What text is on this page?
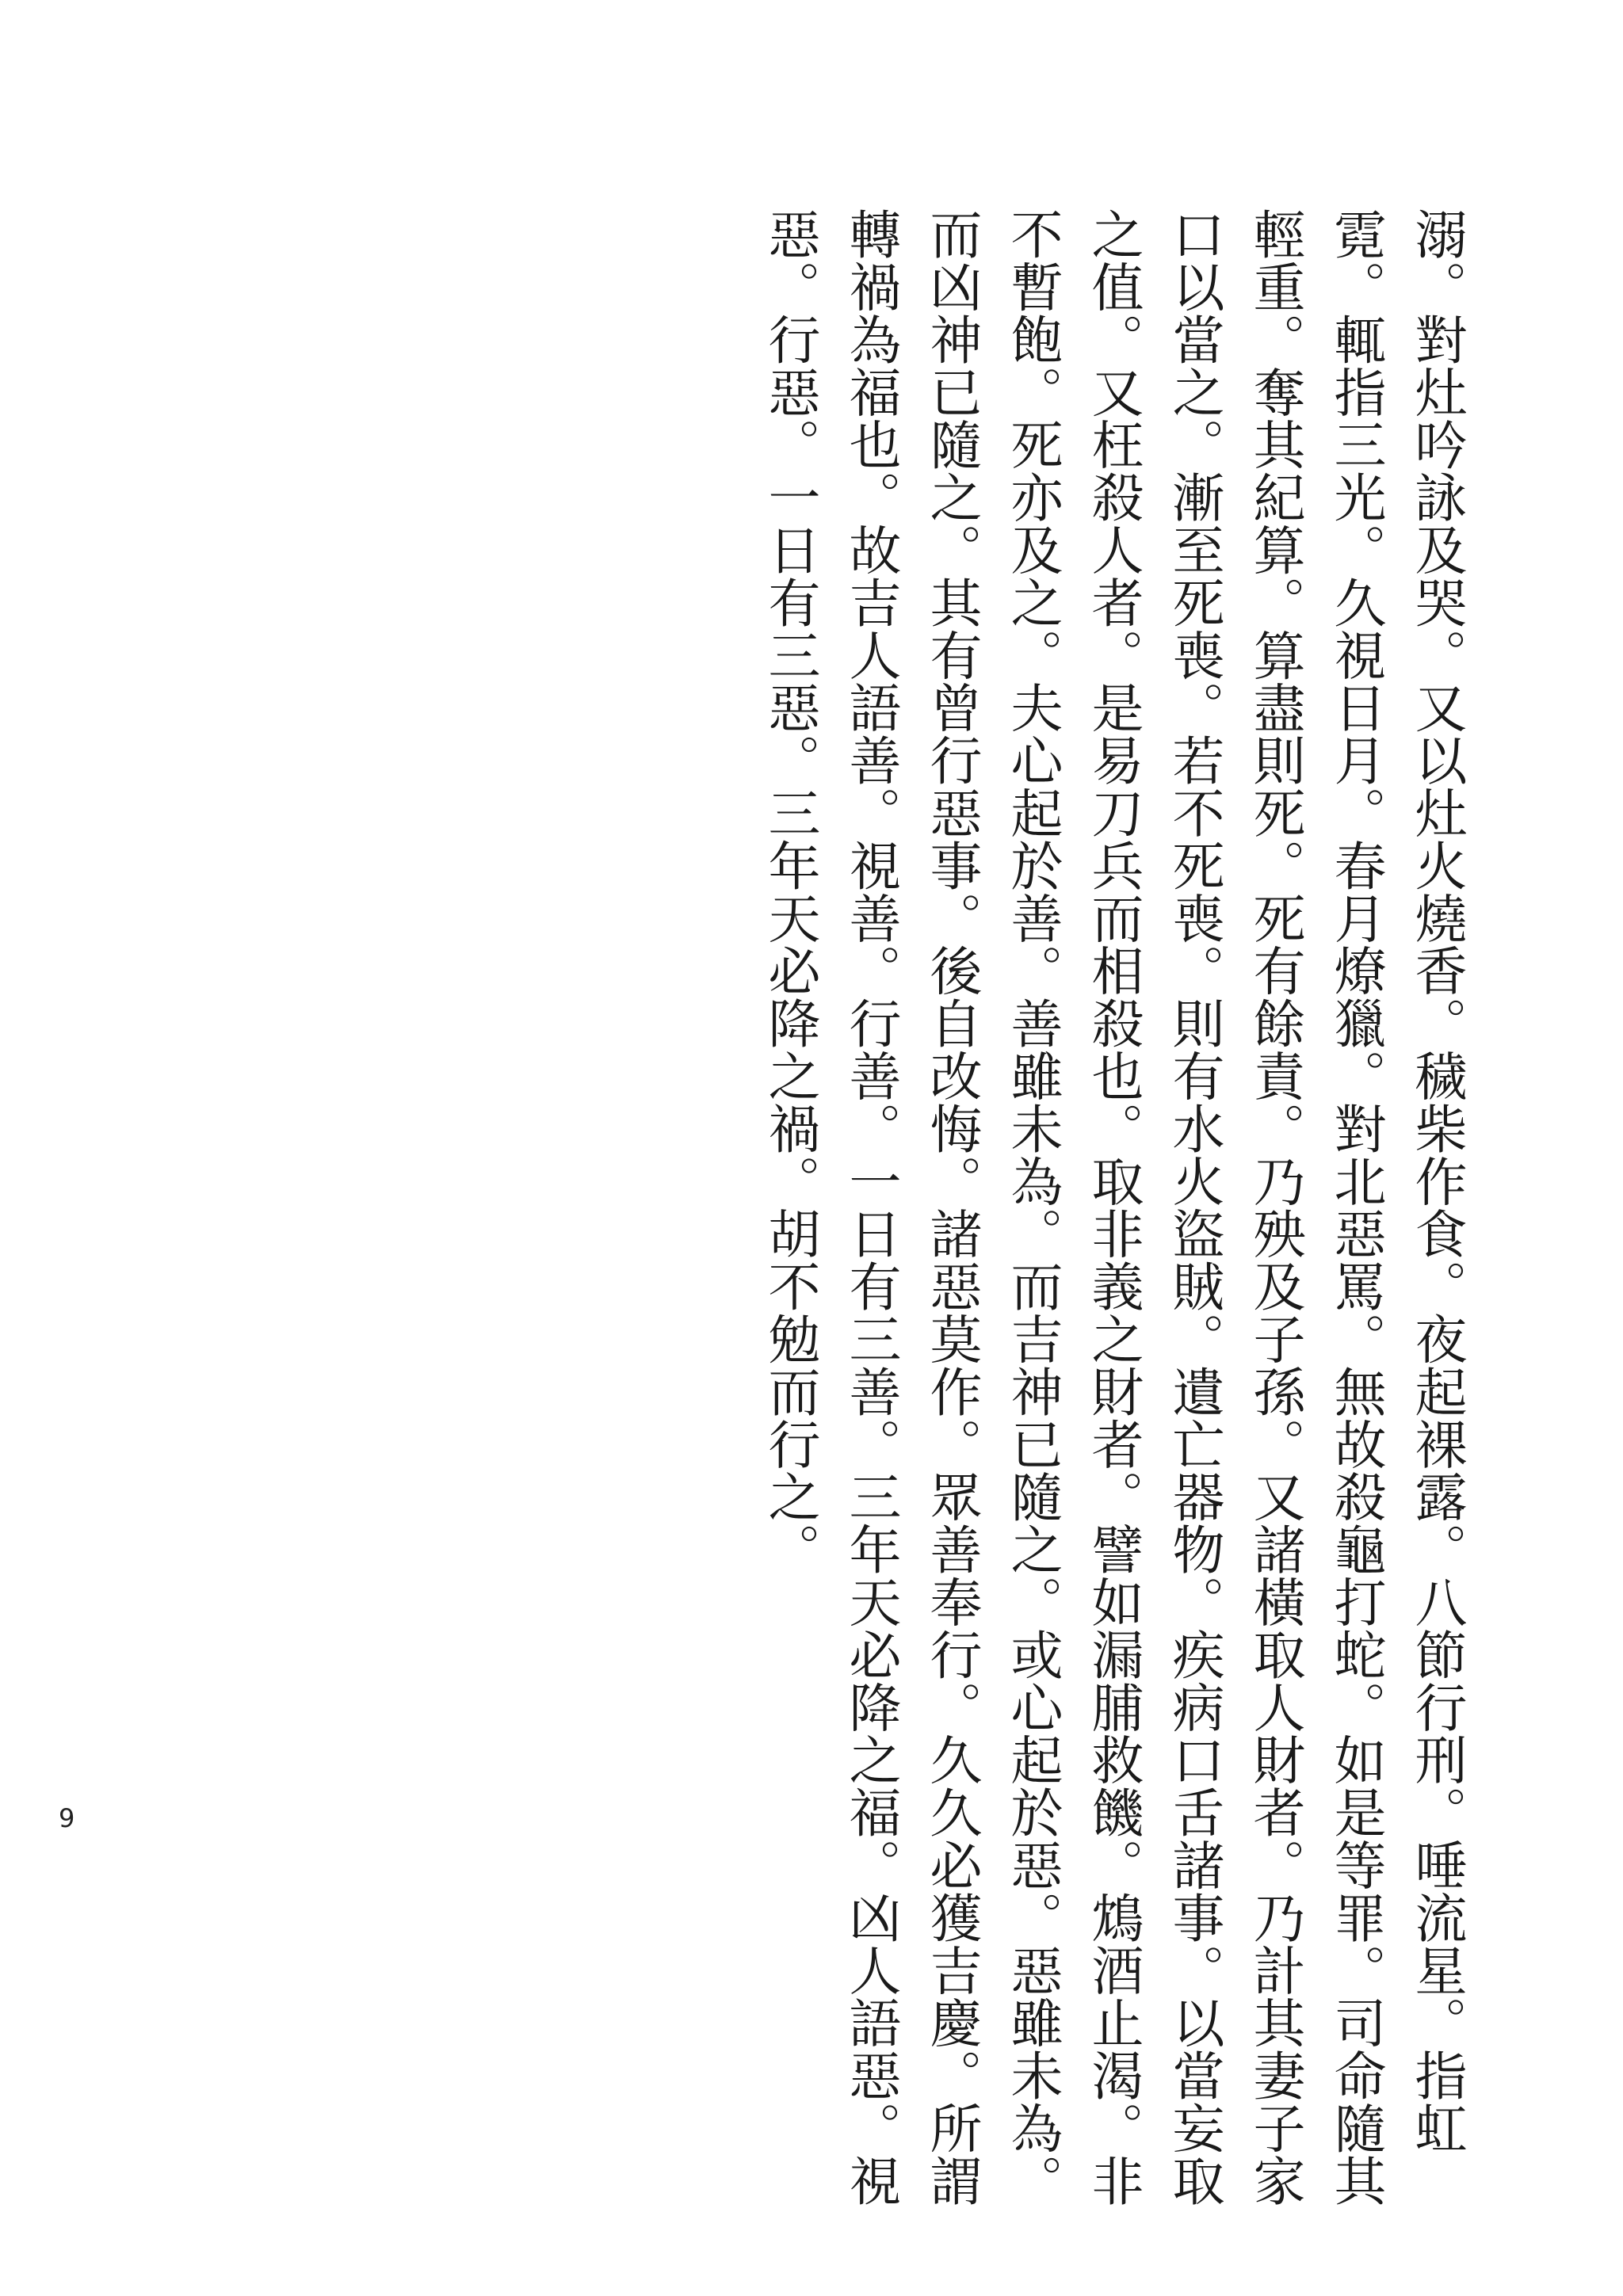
溺。對灶吟詠及哭。又以灶火燒香。穢柴作食。夜起裸露。八節行刑。唾流星。指虹
霓。輒指三光。久視日月。春月燎獵。對北惡罵。無故殺龜打蛇。如是等罪。司命隨其
輕重。奪其紀算。算盡則死。死有餘責。乃殃及子孫。又諸橫取人財者。乃計其妻子家
口以當之。漸至死喪。若不死喪。則有水火盜賊。遺亡器物。疾病口舌諸事。以當妄取
之值。又枉殺人者。是易刀兵而相殺也。取非義之財者。譬如漏脯救饑。鴆酒止渴。非
不暫飽。死亦及之。夫心起於善。善雖未為。而吉神已隨之。或心起於惡。惡雖未為。
而凶神已隨之。其有曾行惡事。後自改悔。諸惡莫作。眾善奉行。久久必獲吉慶。所謂
轉禍為福也。故吉人語善。視善。行善。一日有三善。三年天必降之福。凶人語惡。視
惡。行惡。一日有三惡。三年天必降之禍。胡不勉而行之。
9
